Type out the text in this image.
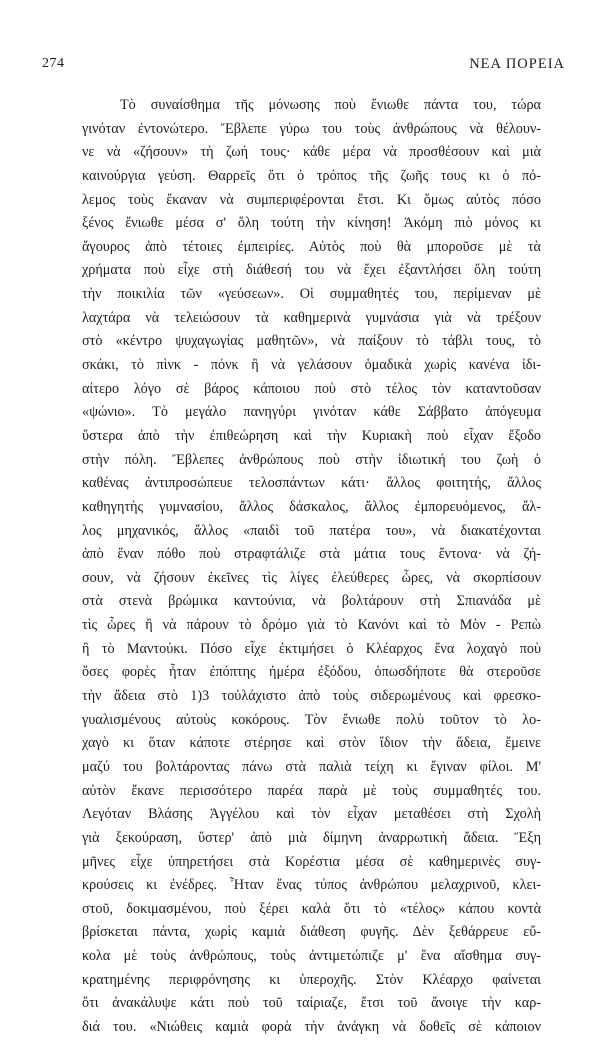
274	ΝΕΑ ΠΟΡΕΙΑ
Τὸ συναίσθημα τῆς μόνωσης ποὺ ἔνιωθε πάντα του, τώρα
γινόταν ἐντονώτερο. Ἔβλεπε γύρω του τοὺς ἀνθρώπους νὰ θέλουν-
νε νὰ «ζήσουν» τὴ ζωή τους· κάθε μέρα νὰ προσθέσουν καὶ μιὰ
καινούργια γεύση. Θαρρεῖς ὅτι ὁ τρόπος τῆς ζωῆς τους κι ὁ πό-
λεμος τοὺς ἔκαναν νὰ συμπεριφέρονται ἔτσι. Κι ὅμως αὐτὸς πόσο
ξένος ἔνιωθε μέσα σ' ὅλη τούτη τὴν κίνηση! Ἀκόμη πιὸ μόνος κι
ἄγουρος ἀπὸ τέτοιες ἐμπειρίες. Αὐτὸς ποὺ θὰ μποροῦσε μὲ τὰ
χρήματα ποὺ εἶχε στὴ διάθεσή του νὰ ἔχει ἐξαντλήσει ὅλη τούτη
τὴν ποικιλία τῶν «γεύσεων». Οἱ συμμαθητές του, περίμεναν μὲ
λαχτάρα νὰ τελειώσουν τὰ καθημερινὰ γυμνάσια γιὰ νὰ τρέξουν
στὸ «κέντρο ψυχαγωγίας μαθητῶν», νὰ παίξουν τὸ τάβλι τους, τὸ
σκάκι, τὸ πὶνκ - πόνκ ἢ νὰ γελάσουν ὁμαδικὰ χωρὶς κανένα ἰδι-
αίτερο λόγο σὲ βάρος κάποιου ποὺ στὸ τέλος τὸν καταντοῦσαν
«ψώνιο». Τὸ μεγάλο πανηγύρι γινόταν κάθε Σάββατο ἀπόγευμα
ὕστερα ἀπὸ τὴν ἐπιθεώρηση καὶ τὴν Κυριακὴ ποὺ εἶχαν ἔξοδο
στὴν πόλη. Ἔβλεπες ἀνθρώπους ποὺ στὴν ἰδιωτική του ζωὴ ὁ
καθένας ἀντιπροσώπευε τελοσπάντων κάτι· ἄλλος φοιτητής, ἄλλος
καθηγητὴς γυμνασίου, ἄλλος δάσκαλος, ἄλλος ἐμπορευόμενος, ἄλ-
λος μηχανικός, ἄλλος «παιδὶ τοῦ πατέρα του», νὰ διακατέχονται
ἀπὸ ἕναν πόθο ποὺ στραφτάλιζε στὰ μάτια τους ἔντονα· νὰ ζή-
σουν, νὰ ζήσουν ἐκεῖνες τὶς λίγες ἐλεύθερες ὧρες, νὰ σκορπίσουν
στὰ στενὰ βρώμικα καντούνια, νὰ βολτάρουν στὴ Σπιανάδα μὲ
τὶς ὧρες ἢ νὰ πάρουν τὸ δρόμο γιὰ τὸ Κανόνι καὶ τὸ Μὸν - Ρεπὼ
ἢ τὸ Μαντούκι. Πόσο εἶχε ἐκτιμήσει ὁ Κλέαρχος ἕνα λοχαγὸ ποὺ
ὅσες φορὲς ἦταν ἐπόπτης ἡμέρα ἐξόδου, ὁπωσδήποτε θὰ στεροῦσε
τὴν ἄδεια στὸ 1)3 τοὐλάχιστο ἀπὸ τοὺς σιδερωμένους καὶ φρεσκο-
γυαλισμένους αὐτοὺς κοκόρους. Τὸν ἔνιωθε πολὺ τοῦτον τὸ λο-
χαγὸ κι ὅταν κάποτε στέρησε καὶ στὸν ἴδιον τὴν ἄδεια, ἔμεινε
μαζύ του βολτάροντας πάνω στὰ παλιὰ τείχη κι ἔγιναν φίλοι. Μ'
αὐτὸν ἔκανε περισσότερο παρέα παρὰ μὲ τοὺς συμμαθητές του.
Λεγόταν Βλάσης Ἀγγέλου καὶ τὸν εἶχαν μεταθέσει στὴ Σχολὴ
γιὰ ξεκούραση, ὕστερ' ἀπὸ μιὰ δίμηνη ἀναρρωτικὴ ἄδεια. Ἔξη
μῆνες εἶχε ὑπηρετήσει στὰ Κορέστια μέσα σὲ καθημερινὲς συγ-
κρούσεις κι ἐνέδρες. Ἦταν ἕνας τύπος ἀνθρώπου μελαχρινοῦ, κλει-
στοῦ, δοκιμασμένου, ποὺ ξέρει καλὰ ὅτι τὸ «τέλος» κάπου κοντὰ
βρίσκεται πάντα, χωρὶς καμιὰ διάθεση φυγῆς. Δὲν ξεθάρρευε εὔ-
κολα μὲ τοὺς ἀνθρώπους, τοὺς ἀντιμετώπιζε μ' ἕνα αἴσθημα συγ-
κρατημένης περιφρόνησης κι ὑπεροχῆς. Στὸν Κλέαρχο φαίνεται
ὅτι ἀνακάλυψε κάτι ποὺ τοῦ ταίριαζε, ἔτσι τοῦ ἄνοιγε τὴν καρ-
διά του. «Νιώθεις καμιὰ φορὰ τὴν ἀνάγκη νὰ δοθεῖς σὲ κάποιον
